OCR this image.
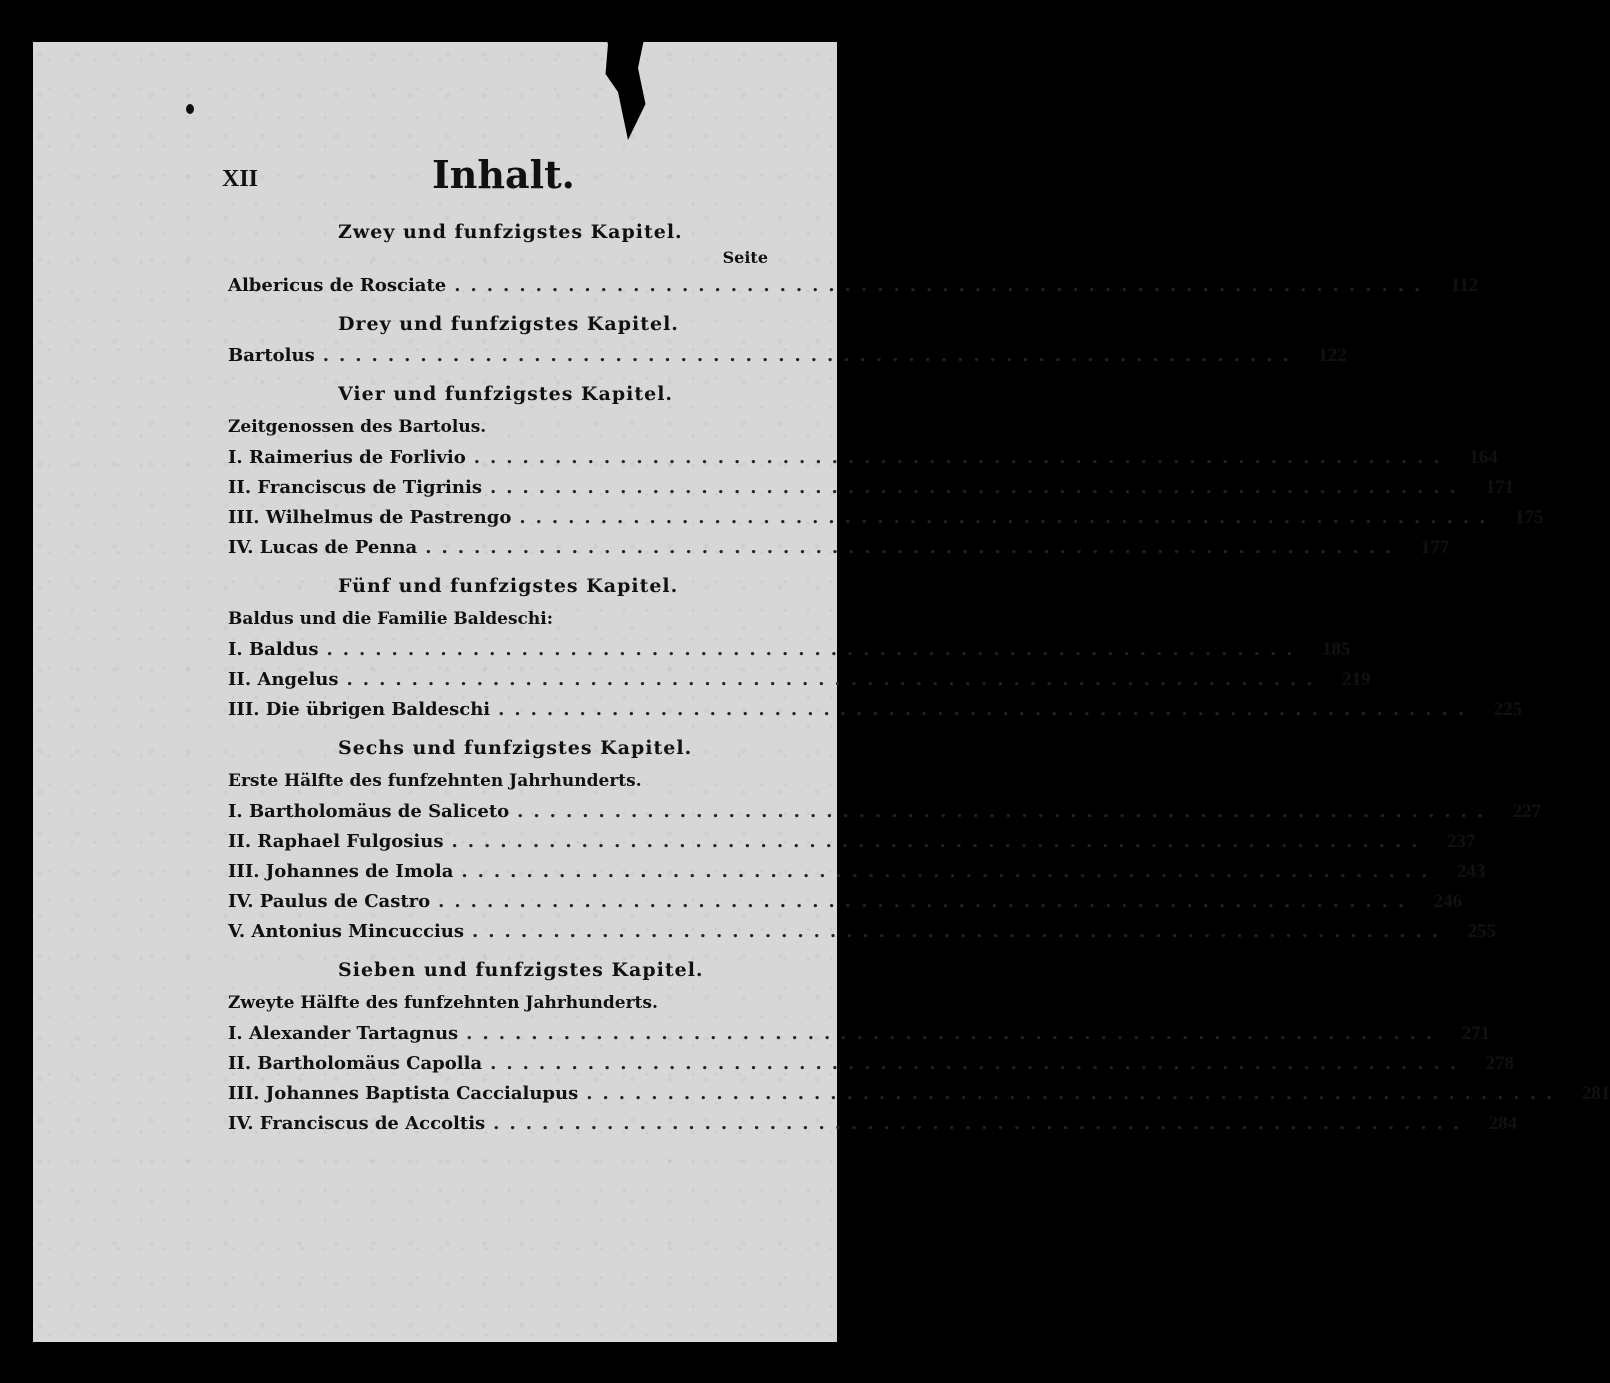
XII	Inhalt.
Zwey und funfzigstes Kapitel.
Seite
Albericus de Rosciate ............................................................	112
Drey und funfzigstes Kapitel.
Bartolus ............................................................	122
Vier und funfzigstes Kapitel.
Zeitgenossen des Bartolus.
I. Raimerius de Forlivio ............................................................	164
II. Franciscus de Tigrinis ............................................................	171
III. Wilhelmus de Pastrengo ............................................................	175
IV. Lucas de Penna ............................................................	177
Fünf und funfzigstes Kapitel.
Baldus und die Familie Baldeschi:
I. Baldus ............................................................	185
II. Angelus ............................................................	219
III. Die übrigen Baldeschi ............................................................	225
Sechs und funfzigstes Kapitel.
Erste Hälfte des funfzehnten Jahrhunderts.
I. Bartholomäus de Saliceto ............................................................	227
II. Raphael Fulgosius ............................................................	237
III. Johannes de Imola ............................................................	243
IV. Paulus de Castro ............................................................	246
V. Antonius Mincuccius ............................................................	255
Sieben und funfzigstes Kapitel.
Zweyte Hälfte des funfzehnten Jahrhunderts.
I. Alexander Tartagnus ............................................................	271
II. Bartholomäus Capolla ............................................................	278
III. Johannes Baptista Caccialupus ............................................................	281
IV. Franciscus de Accoltis ............................................................	284
